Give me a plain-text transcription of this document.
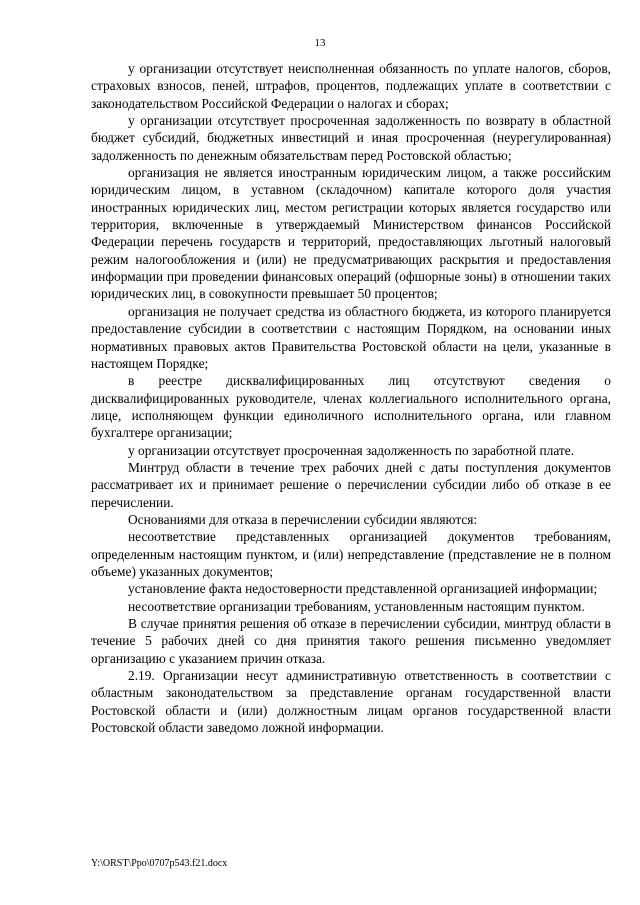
13

у организации отсутствует неисполненная обязанность по уплате налогов, сборов, страховых взносов, пеней, штрафов, процентов, подлежащих уплате в соответствии с законодательством Российской Федерации о налогах и сборах;

у организации отсутствует просроченная задолженность по возврату в областной бюджет субсидий, бюджетных инвестиций и иная просроченная (неурегулированная) задолженность по денежным обязательствам перед Ростовской областью;

организация не является иностранным юридическим лицом, а также российским юридическим лицом, в уставном (складочном) капитале которого доля участия иностранных юридических лиц, местом регистрации которых является государство или территория, включенные в утверждаемый Министерством финансов Российской Федерации перечень государств и территорий, предоставляющих льготный налоговый режим налогообложения и (или) не предусматривающих раскрытия и предоставления информации при проведении финансовых операций (офшорные зоны) в отношении таких юридических лиц, в совокупности превышает 50 процентов;

организация не получает средства из областного бюджета, из которого планируется предоставление субсидии в соответствии с настоящим Порядком, на основании иных нормативных правовых актов Правительства Ростовской области на цели, указанные в настоящем Порядке;

в реестре дисквалифицированных лиц отсутствуют сведения о дисквалифицированных руководителе, членах коллегиального исполнительного органа, лице, исполняющем функции единоличного исполнительного органа, или главном бухгалтере организации;

у организации отсутствует просроченная задолженность по заработной плате.

Минтруд области в течение трех рабочих дней с даты поступления документов рассматривает их и принимает решение о перечислении субсидии либо об отказе в ее перечислении.

Основаниями для отказа в перечислении субсидии являются:

несоответствие представленных организацией документов требованиям, определенным настоящим пунктом, и (или) непредставление (представление не в полном объеме) указанных документов;

установление факта недостоверности представленной организацией информации;

несоответствие организации требованиям, установленным настоящим пунктом.

В случае принятия решения об отказе в перечислении субсидии, минтруд области в течение 5 рабочих дней со дня принятия такого решения письменно уведомляет организацию с указанием причин отказа.

2.19. Организации несут административную ответственность в соответствии с областным законодательством за представление органам государственной власти Ростовской области и (или) должностным лицам органов государственной власти Ростовской области заведомо ложной информации.

Y:\ORST\Ppo\0707p543.f21.docx
